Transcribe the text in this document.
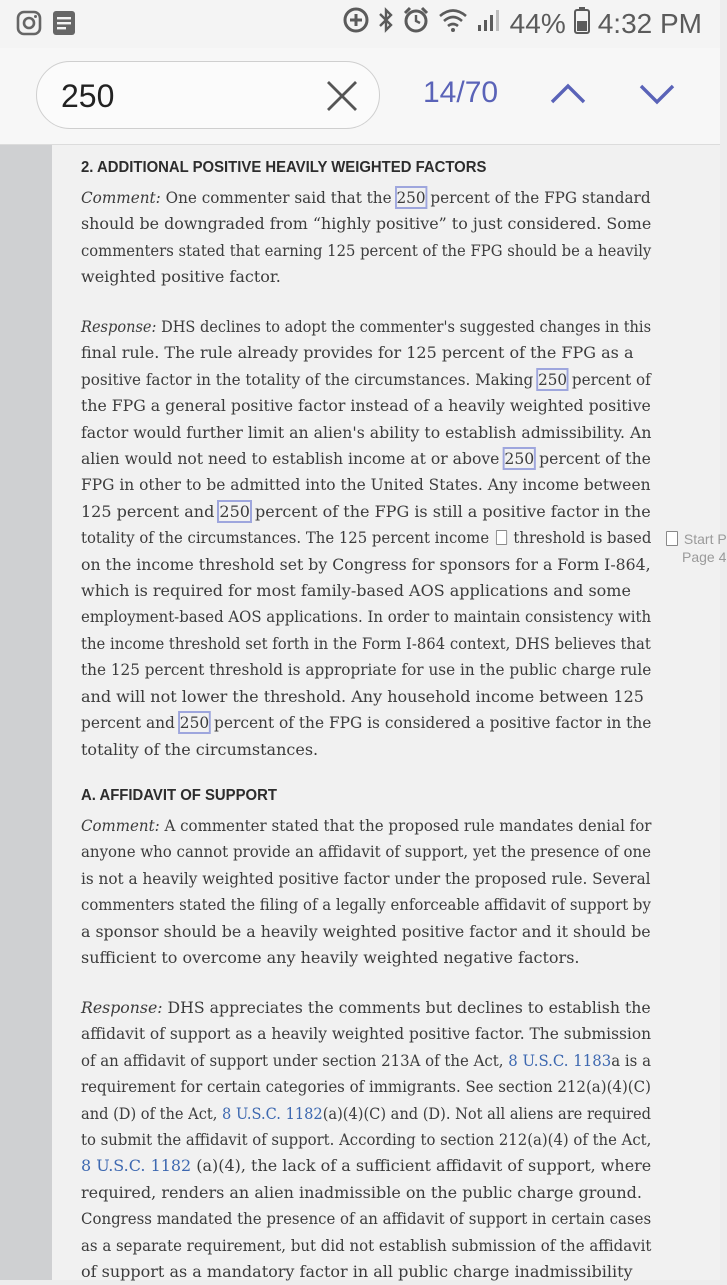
44% 4:32 PM
250
14/70
2. ADDITIONAL POSITIVE HEAVILY WEIGHTED FACTORS
Comment: One commenter said that the 250 percent of the FPG standard
should be downgraded from “highly positive” to just considered. Some
commenters stated that earning 125 percent of the FPG should be a heavily
weighted positive factor.
Response: DHS declines to adopt the commenter's suggested changes in this
final rule. The rule already provides for 125 percent of the FPG as a
positive factor in the totality of the circumstances. Making 250 percent of
the FPG a general positive factor instead of a heavily weighted positive
factor would further limit an alien's ability to establish admissibility. An
alien would not need to establish income at or above 250 percent of the
FPG in other to be admitted into the United States. Any income between
125 percent and 250 percent of the FPG is still a positive factor in the
totality of the circumstances. The 125 percent income  threshold is based
on the income threshold set by Congress for sponsors for a Form I-864,
which is required for most family-based AOS applications and some
employment-based AOS applications. In order to maintain consistency with
the income threshold set forth in the Form I-864 context, DHS believes that
the 125 percent threshold is appropriate for use in the public charge rule
and will not lower the threshold. Any household income between 125
percent and 250 percent of the FPG is considered a positive factor in the
totality of the circumstances.
A. AFFIDAVIT OF SUPPORT
Comment: A commenter stated that the proposed rule mandates denial for
anyone who cannot provide an affidavit of support, yet the presence of one
is not a heavily weighted positive factor under the proposed rule. Several
commenters stated the filing of a legally enforceable affidavit of support by
a sponsor should be a heavily weighted positive factor and it should be
sufficient to overcome any heavily weighted negative factors.
Response: DHS appreciates the comments but declines to establish the
affidavit of support as a heavily weighted positive factor. The submission
of an affidavit of support under section 213A of the Act, 8 U.S.C. 1183a is a
requirement for certain categories of immigrants. See section 212(a)(4)(C)
and (D) of the Act, 8 U.S.C. 1182(a)(4)(C) and (D). Not all aliens are required
to submit the affidavit of support. According to section 212(a)(4) of the Act,
8 U.S.C. 1182 (a)(4), the lack of a sufficient affidavit of support, where
required, renders an alien inadmissible on the public charge ground.
Congress mandated the presence of an affidavit of support in certain cases
as a separate requirement, but did not establish submission of the affidavit
of support as a mandatory factor in all public charge inadmissibility
Start P
Page 4
